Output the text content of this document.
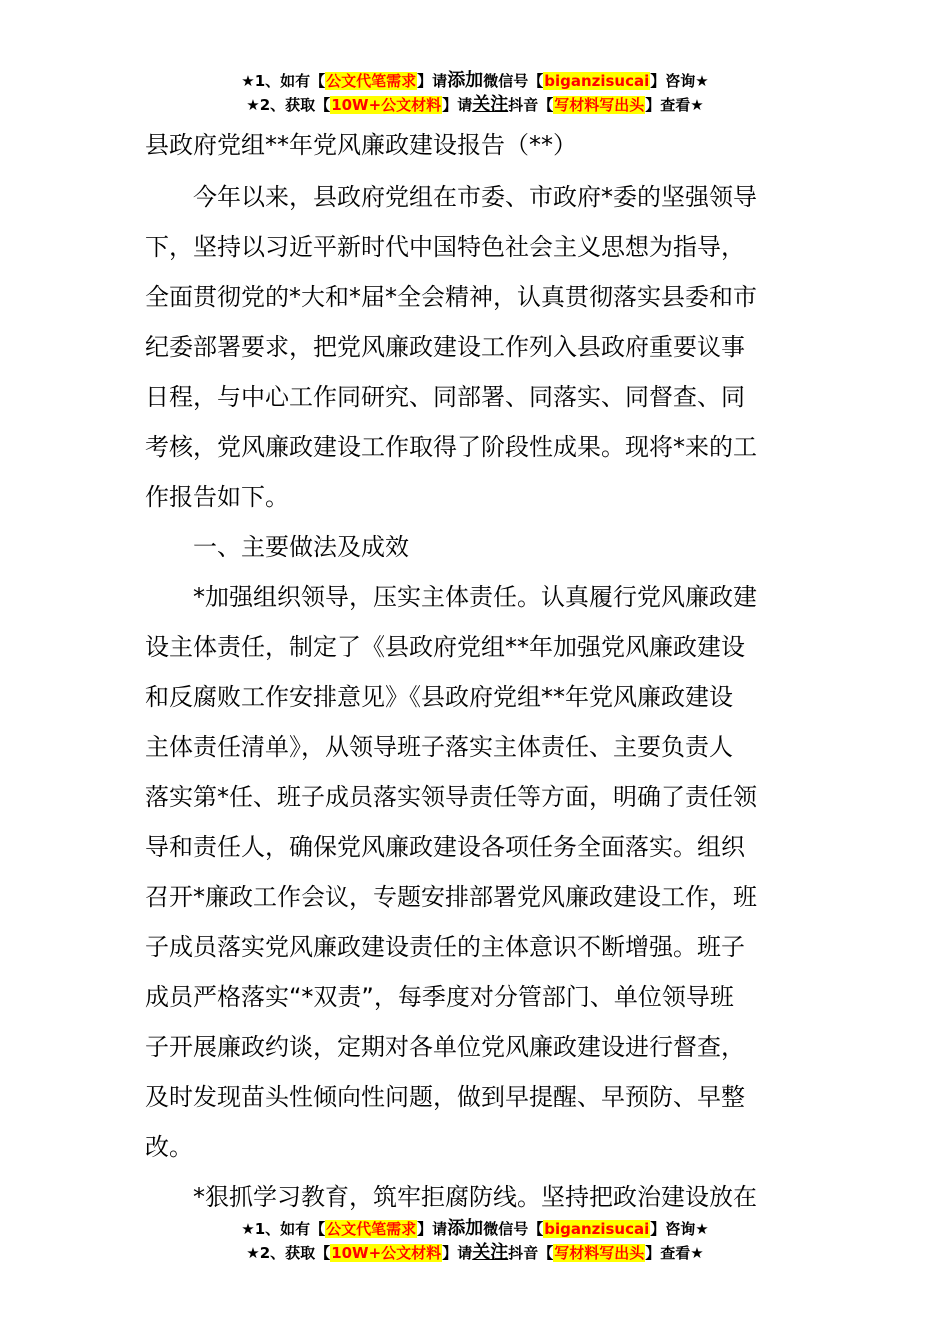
★1、如有【公文代笔需求】请添加微信号【biganzisucai】咨询★
★2、获取【10W+公文材料】请关注抖音【写材料写出头】查看★
县政府党组**年党风廉政建设报告（**）
今年以来，县政府党组在市委、市政府*委的坚强领导
下，坚持以习近平新时代中国特色社会主义思想为指导，
全面贯彻党的*大和*届*全会精神，认真贯彻落实县委和市
纪委部署要求，把党风廉政建设工作列入县政府重要议事
日程，与中心工作同研究、同部署、同落实、同督查、同
考核，党风廉政建设工作取得了阶段性成果。现将*来的工
作报告如下。
一、主要做法及成效
*加强组织领导，压实主体责任。认真履行党风廉政建
设主体责任，制定了《县政府党组**年加强党风廉政建设
和反腐败工作安排意见》《县政府党组**年党风廉政建设
主体责任清单》，从领导班子落实主体责任、主要负责人
落实第*任、班子成员落实领导责任等方面，明确了责任领
导和责任人，确保党风廉政建设各项任务全面落实。组织
召开*廉政工作会议，专题安排部署党风廉政建设工作，班
子成员落实党风廉政建设责任的主体意识不断增强。班子
成员严格落实“*双责”，每季度对分管部门、单位领导班
子开展廉政约谈，定期对各单位党风廉政建设进行督查，
及时发现苗头性倾向性问题，做到早提醒、早预防、早整
改。
*狠抓学习教育，筑牢拒腐防线。坚持把政治建设放在
★1、如有【公文代笔需求】请添加微信号【biganzisucai】咨询★
★2、获取【10W+公文材料】请关注抖音【写材料写出头】查看★
